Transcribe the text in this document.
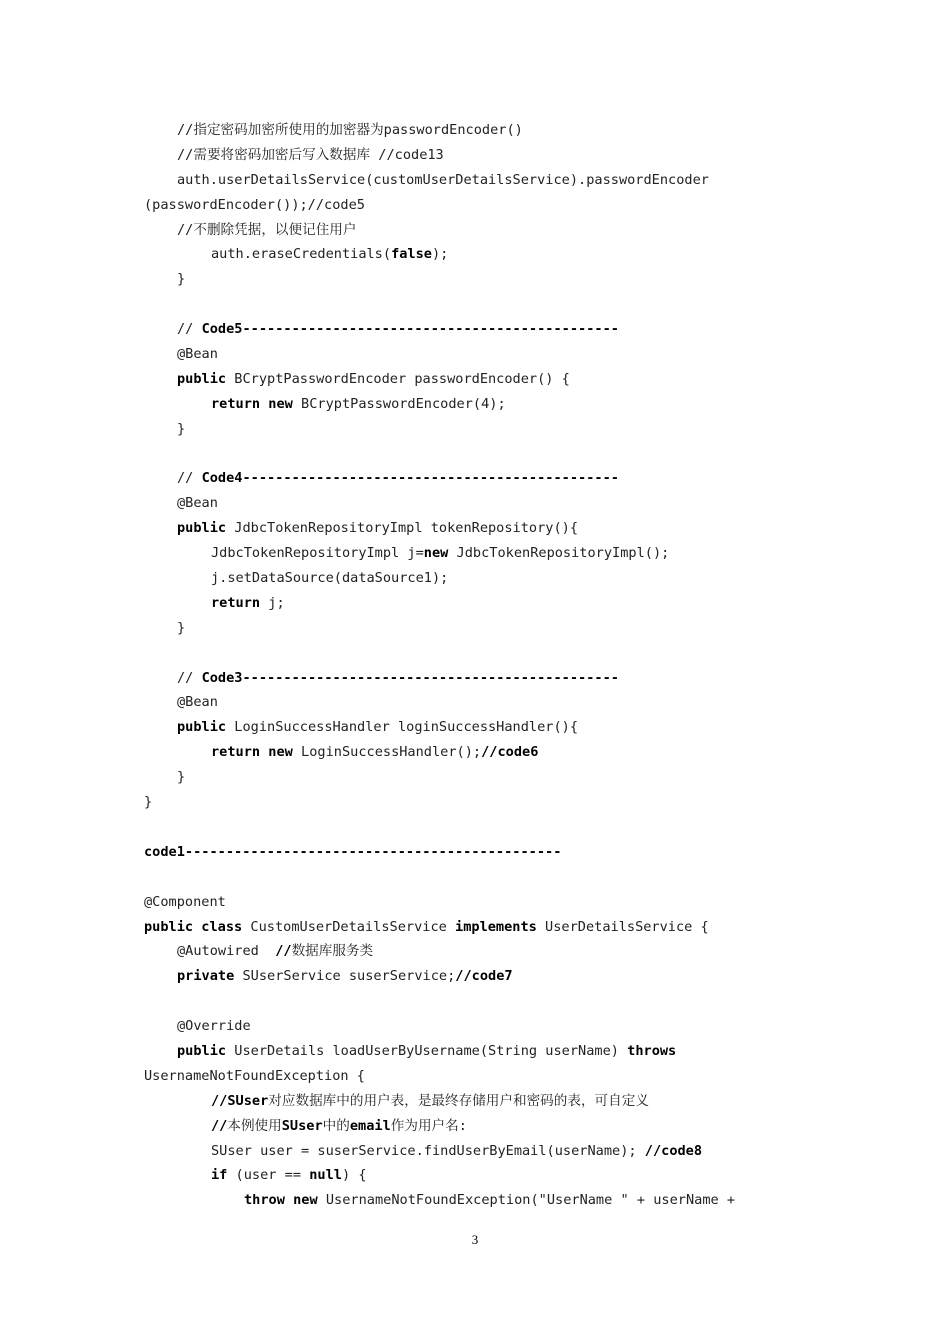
//指定密码加密所使用的加密器为passwordEncoder()
//需要将密码加密后写入数据库 //code13
auth.userDetailsService(customUserDetailsService).passwordEncoder
(passwordEncoder());//code5
//不删除凭据，以便记住用户
auth.eraseCredentials(false);
}

// Code5----------------------------------------------
@Bean
public BCryptPasswordEncoder passwordEncoder() {
return new BCryptPasswordEncoder(4);
}

// Code4----------------------------------------------
@Bean
public JdbcTokenRepositoryImpl tokenRepository(){
JdbcTokenRepositoryImpl j=new JdbcTokenRepositoryImpl();
j.setDataSource(dataSource1);
return j;
}

// Code3----------------------------------------------
@Bean
public LoginSuccessHandler loginSuccessHandler(){
return new LoginSuccessHandler();//code6
}
}

code1----------------------------------------------

@Component
public class CustomUserDetailsService implements UserDetailsService {
@Autowired  //数据库服务类
private SUserService suserService;//code7

@Override
public UserDetails loadUserByUsername(String userName) throws
UsernameNotFoundException {
//SUser对应数据库中的用户表，是最终存储用户和密码的表，可自定义
//本例使用SUser中的email作为用户名:
SUser user = suserService.findUserByEmail(userName); //code8
if (user == null) {
throw new UsernameNotFoundException("UserName " + userName +
3
